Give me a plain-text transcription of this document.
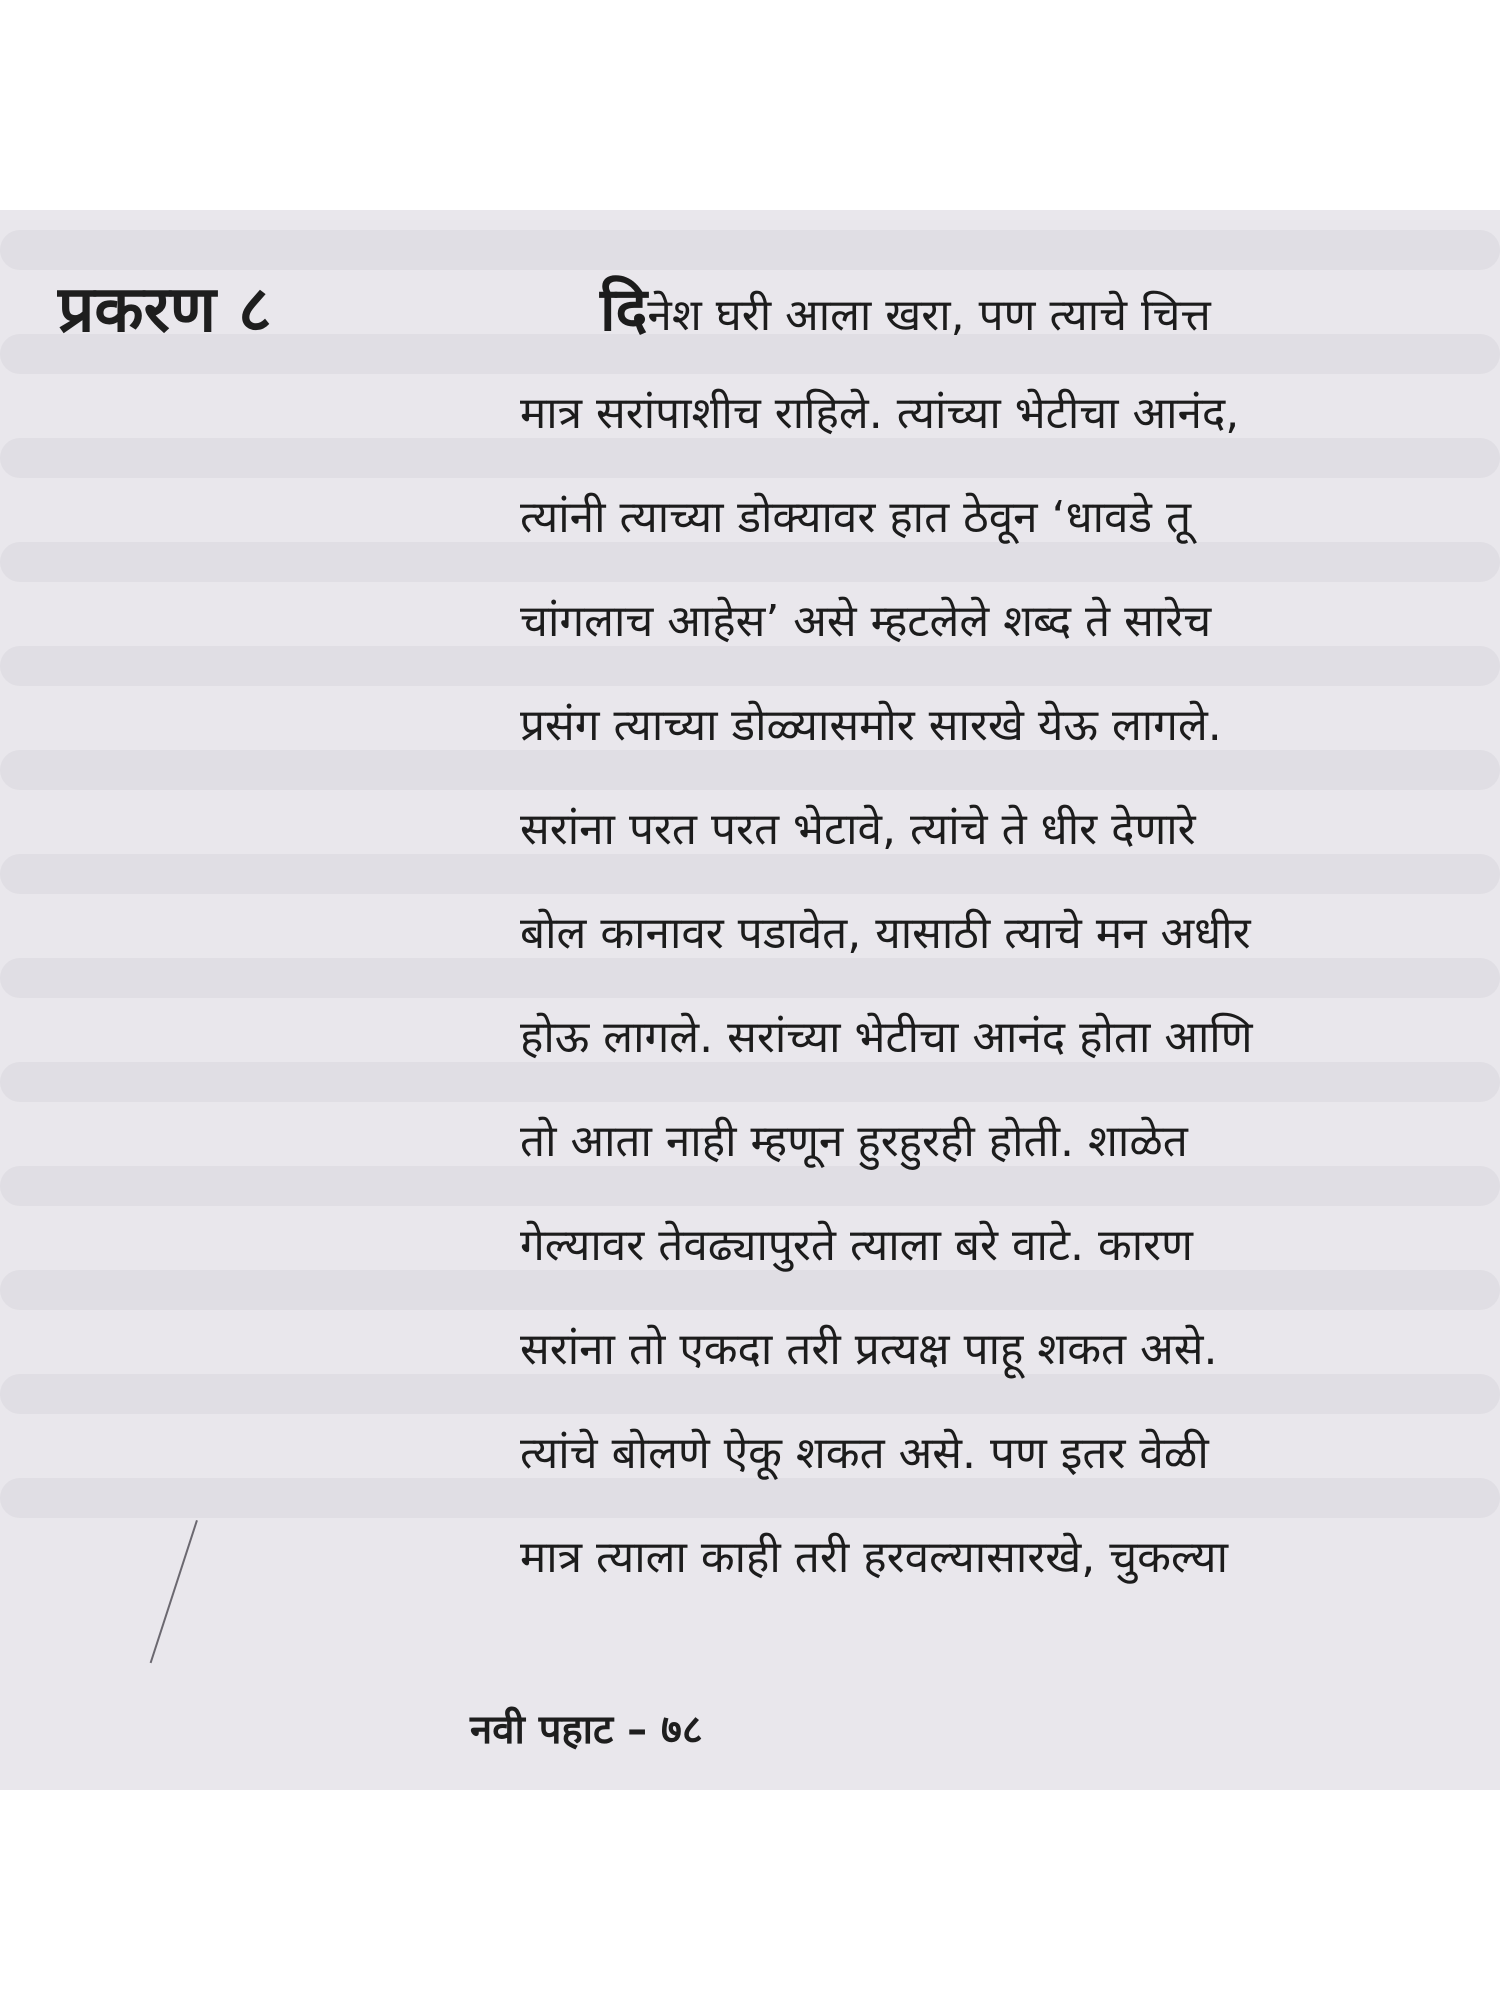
प्रकरण ८	दिनेश घरी आला खरा, पण त्याचे चित्त
मात्र सरांपाशीच राहिले. त्यांच्या भेटीचा आनंद,
त्यांनी त्याच्या डोक्यावर हात ठेवून ‘धावडे तू
चांगलाच आहेस’ असे म्हटलेले शब्द ते सारेच
प्रसंग त्याच्या डोळ्यासमोर सारखे येऊ लागले.
सरांना परत परत भेटावे, त्यांचे ते धीर देणारे
बोल कानावर पडावेत, यासाठी त्याचे मन अधीर
होऊ लागले. सरांच्या भेटीचा आनंद होता आणि
तो आता नाही म्हणून हुरहुरही होती. शाळेत
गेल्यावर तेवढ्यापुरते त्याला बरे वाटे. कारण
सरांना तो एकदा तरी प्रत्यक्ष पाहू शकत असे.
त्यांचे बोलणे ऐकू शकत असे. पण इतर वेळी
मात्र त्याला काही तरी हरवल्यासारखे, चुकल्या
नवी पहाट – ७८
